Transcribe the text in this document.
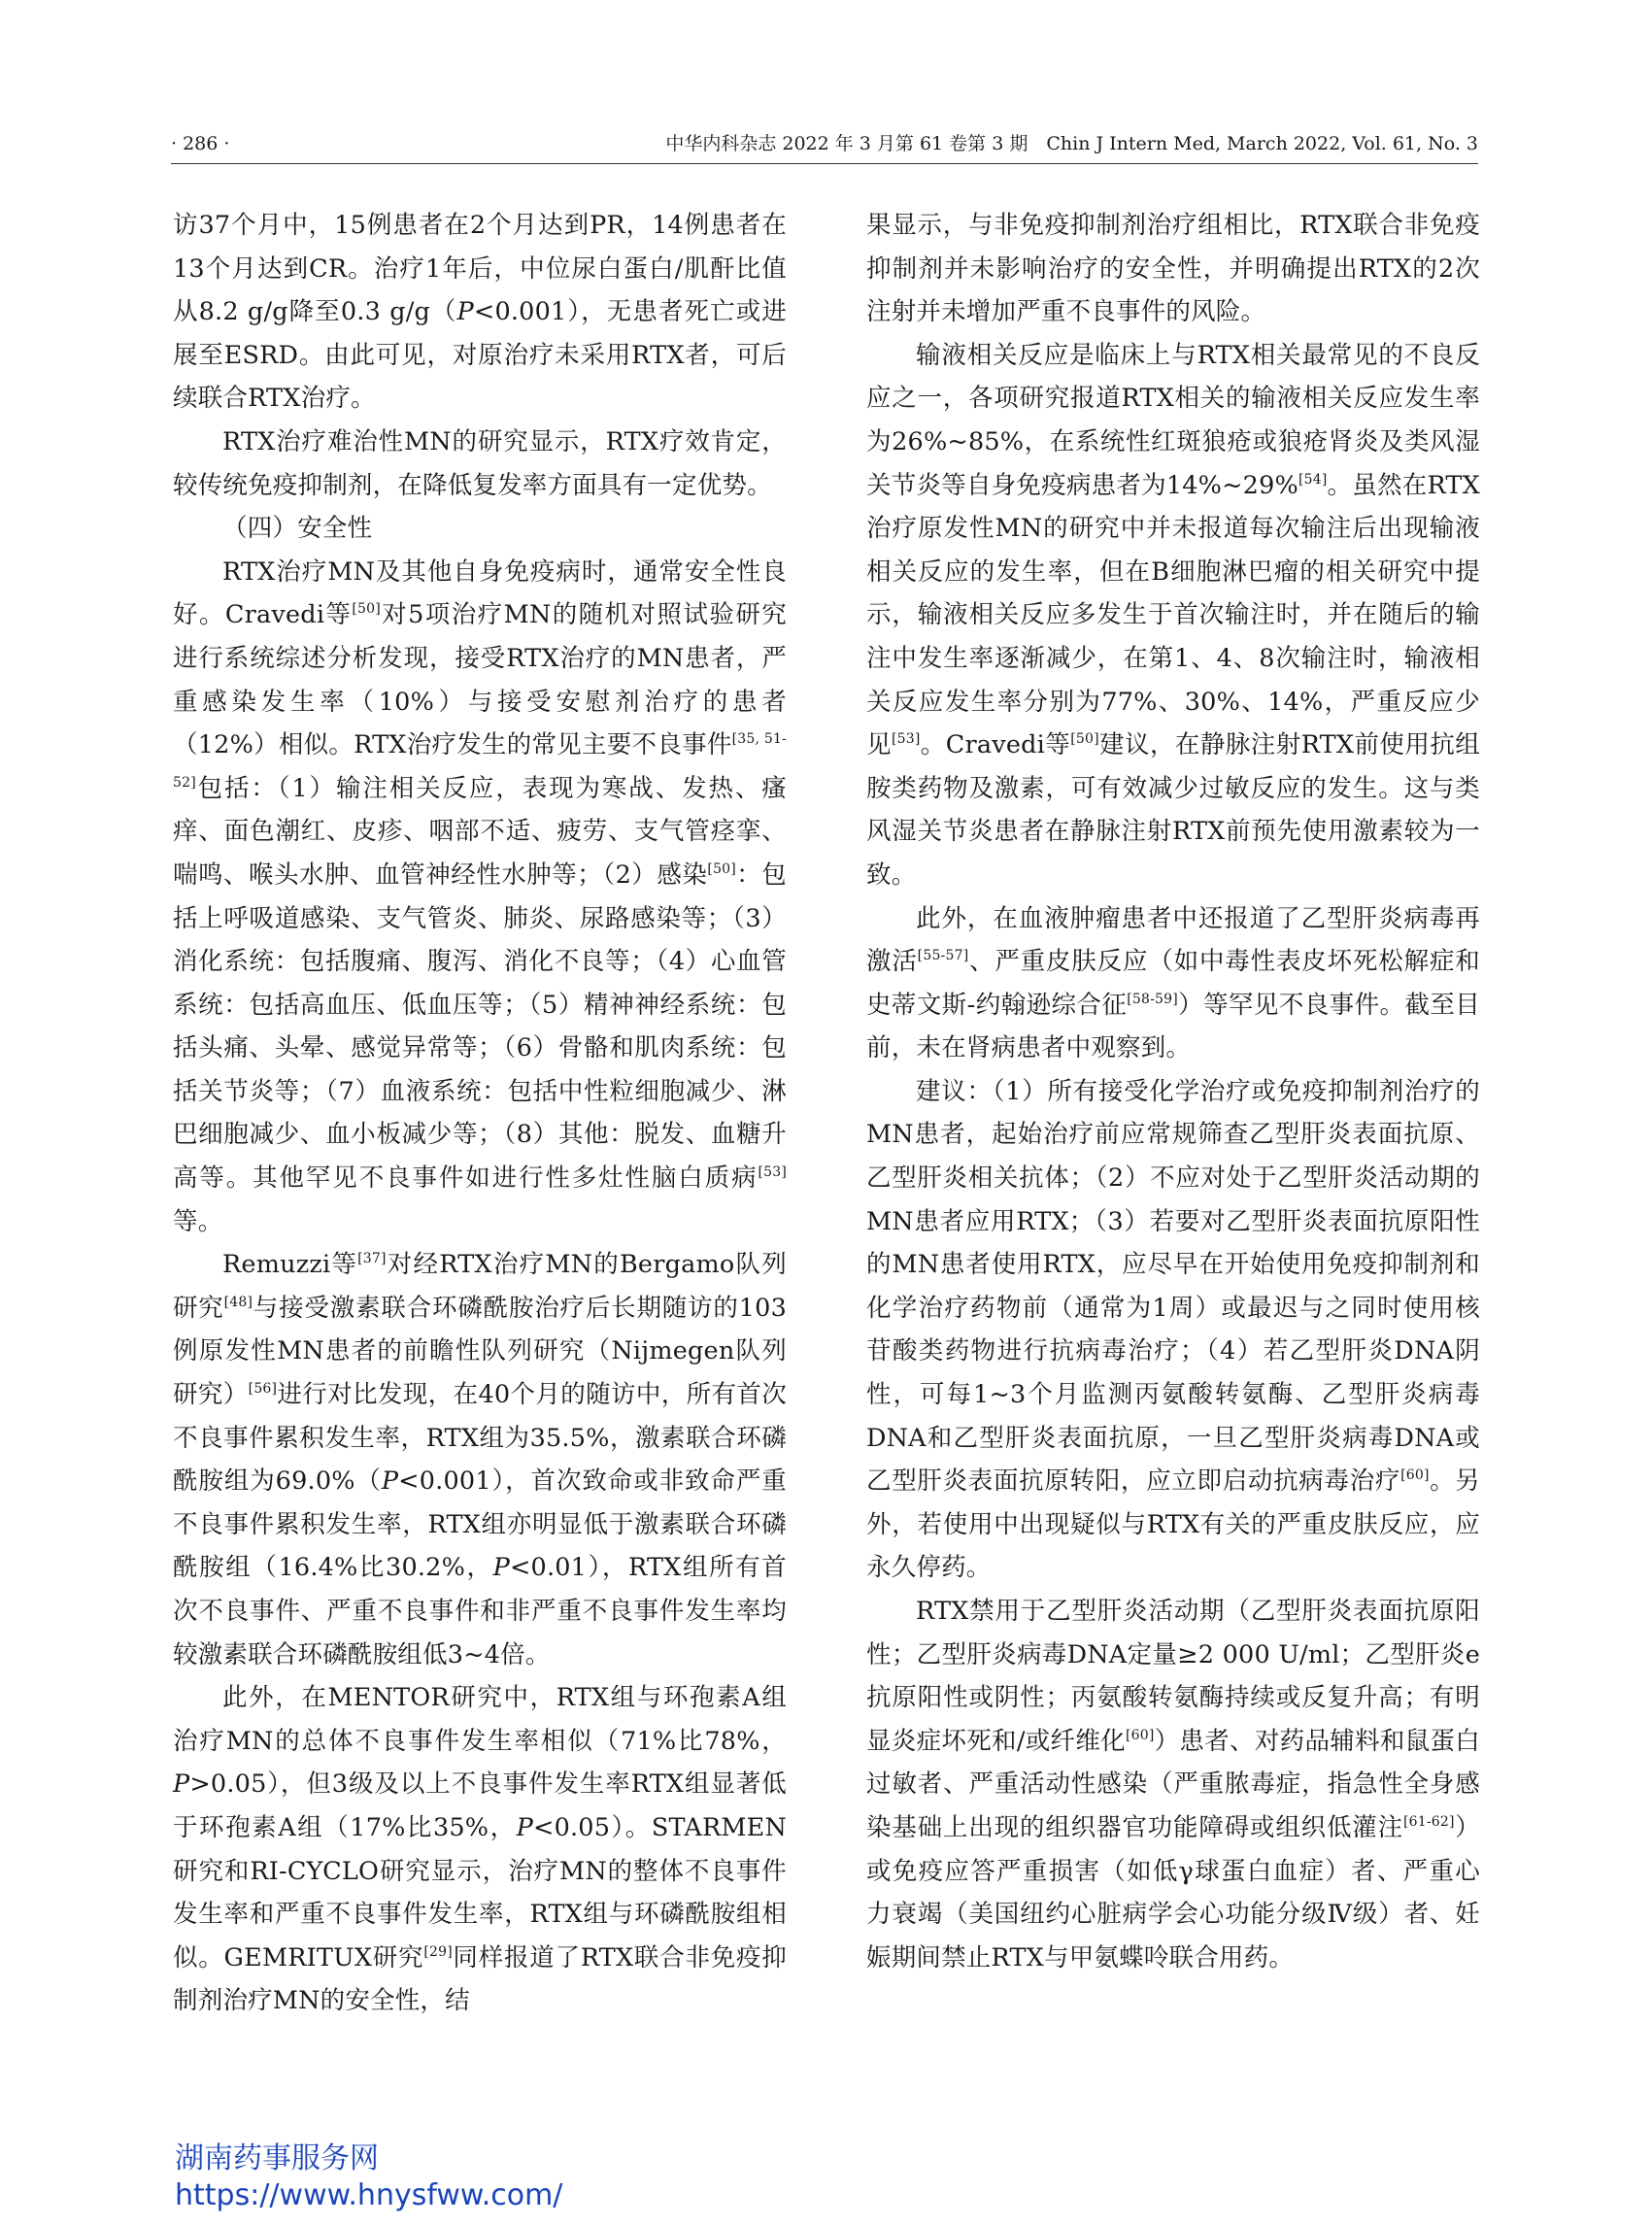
· 286 ·	中华内科杂志 2022 年 3 月第 61 卷第 3 期　Chin J Intern Med, March 2022, Vol. 61, No. 3

访37个月中，15例患者在2个月达到PR，14例患者在13个月达到CR。治疗1年后，中位尿白蛋白/肌酐比值从8.2 g/g降至0.3 g/g（P<0.001），无患者死亡或进展至ESRD。由此可见，对原治疗未采用RTX者，可后续联合RTX治疗。

RTX治疗难治性MN的研究显示，RTX疗效肯定，较传统免疫抑制剂，在降低复发率方面具有一定优势。

（四）安全性

RTX治疗MN及其他自身免疫病时，通常安全性良好。Cravedi等[50]对5项治疗MN的随机对照试验研究进行系统综述分析发现，接受RTX治疗的MN患者，严重感染发生率（10%）与接受安慰剂治疗的患者（12%）相似。RTX治疗发生的常见主要不良事件[35, 51-52]包括：（1）输注相关反应，表现为寒战、发热、瘙痒、面色潮红、皮疹、咽部不适、疲劳、支气管痉挛、喘鸣、喉头水肿、血管神经性水肿等；（2）感染[50]：包括上呼吸道感染、支气管炎、肺炎、尿路感染等；（3）消化系统：包括腹痛、腹泻、消化不良等；（4）心血管系统：包括高血压、低血压等；（5）精神神经系统：包括头痛、头晕、感觉异常等；（6）骨骼和肌肉系统：包括关节炎等；（7）血液系统：包括中性粒细胞减少、淋巴细胞减少、血小板减少等；（8）其他：脱发、血糖升高等。其他罕见不良事件如进行性多灶性脑白质病[53]等。

Remuzzi等[37]对经RTX治疗MN的Bergamo队列研究[48]与接受激素联合环磷酰胺治疗后长期随访的103例原发性MN患者的前瞻性队列研究（Nijmegen队列研究）[56]进行对比发现，在40个月的随访中，所有首次不良事件累积发生率，RTX组为35.5%，激素联合环磷酰胺组为69.0%（P<0.001），首次致命或非致命严重不良事件累积发生率，RTX组亦明显低于激素联合环磷酰胺组（16.4%比30.2%，P<0.01），RTX组所有首次不良事件、严重不良事件和非严重不良事件发生率均较激素联合环磷酰胺组低3~4倍。

此外，在MENTOR研究中，RTX组与环孢素A组治疗MN的总体不良事件发生率相似（71%比78%，P>0.05），但3级及以上不良事件发生率RTX组显著低于环孢素A组（17%比35%，P<0.05）。STARMEN研究和RI-CYCLO研究显示，治疗MN的整体不良事件发生率和严重不良事件发生率，RTX组与环磷酰胺组相似。GEMRITUX研究[29]同样报道了RTX联合非免疫抑制剂治疗MN的安全性，结

果显示，与非免疫抑制剂治疗组相比，RTX联合非免疫抑制剂并未影响治疗的安全性，并明确提出RTX的2次注射并未增加严重不良事件的风险。

输液相关反应是临床上与RTX相关最常见的不良反应之一，各项研究报道RTX相关的输液相关反应发生率为26%~85%，在系统性红斑狼疮或狼疮肾炎及类风湿关节炎等自身免疫病患者为14%~29%[54]。虽然在RTX治疗原发性MN的研究中并未报道每次输注后出现输液相关反应的发生率，但在B细胞淋巴瘤的相关研究中提示，输液相关反应多发生于首次输注时，并在随后的输注中发生率逐渐减少，在第1、4、8次输注时，输液相关反应发生率分别为77%、30%、14%，严重反应少见[53]。Cravedi等[50]建议，在静脉注射RTX前使用抗组胺类药物及激素，可有效减少过敏反应的发生。这与类风湿关节炎患者在静脉注射RTX前预先使用激素较为一致。

此外，在血液肿瘤患者中还报道了乙型肝炎病毒再激活[55-57]、严重皮肤反应（如中毒性表皮坏死松解症和史蒂文斯-约翰逊综合征[58-59]）等罕见不良事件。截至目前，未在肾病患者中观察到。

建议：（1）所有接受化学治疗或免疫抑制剂治疗的MN患者，起始治疗前应常规筛查乙型肝炎表面抗原、乙型肝炎相关抗体；（2）不应对处于乙型肝炎活动期的MN患者应用RTX；（3）若要对乙型肝炎表面抗原阳性的MN患者使用RTX，应尽早在开始使用免疫抑制剂和化学治疗药物前（通常为1周）或最迟与之同时使用核苷酸类药物进行抗病毒治疗；（4）若乙型肝炎DNA阴性，可每1~3个月监测丙氨酸转氨酶、乙型肝炎病毒DNA和乙型肝炎表面抗原，一旦乙型肝炎病毒DNA或乙型肝炎表面抗原转阳，应立即启动抗病毒治疗[60]。另外，若使用中出现疑似与RTX有关的严重皮肤反应，应永久停药。

RTX禁用于乙型肝炎活动期（乙型肝炎表面抗原阳性；乙型肝炎病毒DNA定量≥2 000 U/ml；乙型肝炎e抗原阳性或阴性；丙氨酸转氨酶持续或反复升高；有明显炎症坏死和/或纤维化[60]）患者、对药品辅料和鼠蛋白过敏者、严重活动性感染（严重脓毒症，指急性全身感染基础上出现的组织器官功能障碍或组织低灌注[61-62]）或免疫应答严重损害（如低γ球蛋白血症）者、严重心力衰竭（美国纽约心脏病学会心功能分级Ⅳ级）者、妊娠期间禁止RTX与甲氨蝶呤联合用药。

湖南药事服务网
https://www.hnysfww.com/
